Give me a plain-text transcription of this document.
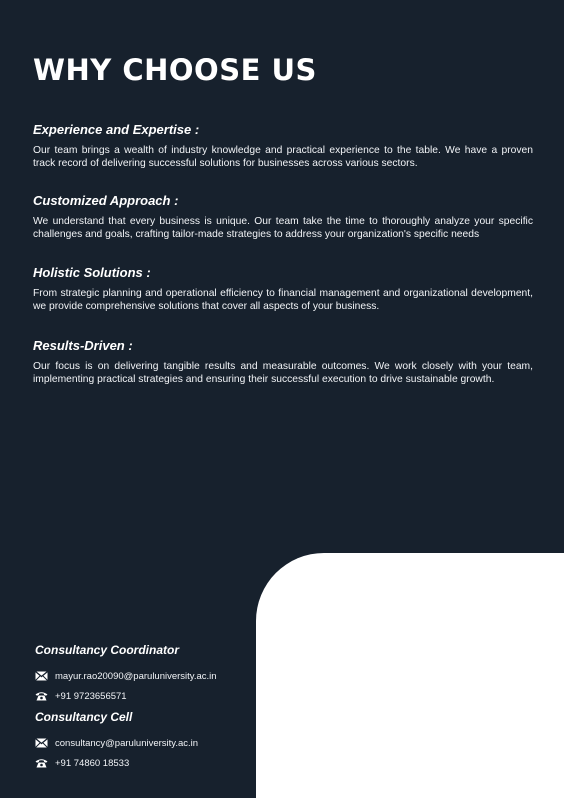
WHY CHOOSE US
Experience and Expertise :

Our team brings a wealth of industry knowledge and practical experience to the table. We have a proven track record of delivering successful solutions for businesses across various sectors.

Customized Approach :

We understand that every business is unique. Our team take the time to thoroughly analyze your specific challenges and goals, crafting tailor-made strategies to address your organization's specific needs

Holistic Solutions :

From strategic planning and operational efficiency to financial management and organizational development, we provide comprehensive solutions that cover all aspects of your business.

Results-Driven :

Our focus is on delivering tangible results and measurable outcomes. We work closely with your team, implementing practical strategies and ensuring their successful execution to drive sustainable growth.

Consultancy Coordinator
mayur.rao20090@paruluniversity.ac.in
+91 9723656571
Consultancy Cell
consultancy@paruluniversity.ac.in
+91 74860 18533
